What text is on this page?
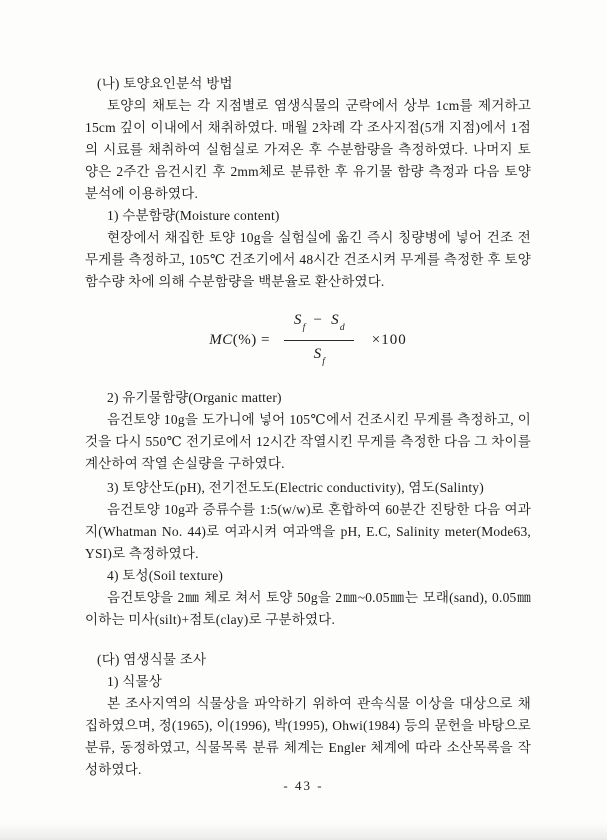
(나) 토양요인분석 방법

토양의 채토는 각 지점별로 염생식물의 군락에서 상부 1cm를 제거하고 15cm 깊이 이내에서 채취하였다. 매월 2차례 각 조사지점(5개 지점)에서 1점의 시료를 채취하여 실험실로 가져온 후 수분함량을 측정하였다. 나머지 토양은 2주간 음건시킨 후 2mm체로 분류한 후 유기물 함량 측정과 다음 토양 분석에 이용하였다.

1) 수분함량(Moisture content)

현장에서 채집한 토양 10g을 실험실에 옮긴 즉시 칭량병에 넣어 건조 전 무게를 측정하고, 105℃ 건조기에서 48시간 건조시켜 무게를 측정한 후 토양 함수량 차에 의해 수분함량을 백분율로 환산하였다.

$MC(\%) = \frac{S_f - S_d}{S_f} \times 100$
2) 유기물함량(Organic matter)

음건토양 10g을 도가니에 넣어 105℃에서 건조시킨 무게를 측정하고, 이것을 다시 550℃ 전기로에서 12시간 작열시킨 무게를 측정한 다음 그 차이를 계산하여 작열 손실량을 구하였다.

3) 토양산도(pH), 전기전도도(Electric conductivity), 염도(Salinty)

음건토양 10g과 증류수를 1:5(w/w)로 혼합하여 60분간 진탕한 다음 여과지(Whatman No. 44)로 여과시켜 여과액을 pH, E.C, Salinity meter(Mode63, YSI)로 측정하였다.

4) 토성(Soil texture)

음건토양을 2㎜ 체로 쳐서 토양 50g을 2㎜~0.05㎜는 모래(sand), 0.05㎜이하는 미사(silt)+점토(clay)로 구분하였다.

(다) 염생식물 조사
1) 식물상

본 조사지역의 식물상을 파악하기 위하여 관속식물 이상을 대상으로 채집하였으며, 정(1965), 이(1996), 박(1995), Ohwi(1984) 등의 문헌을 바탕으로 분류, 동정하였고, 식물목록 분류 체계는 Engler 체계에 따라 소산목록을 작성하였다.

- 43 -
